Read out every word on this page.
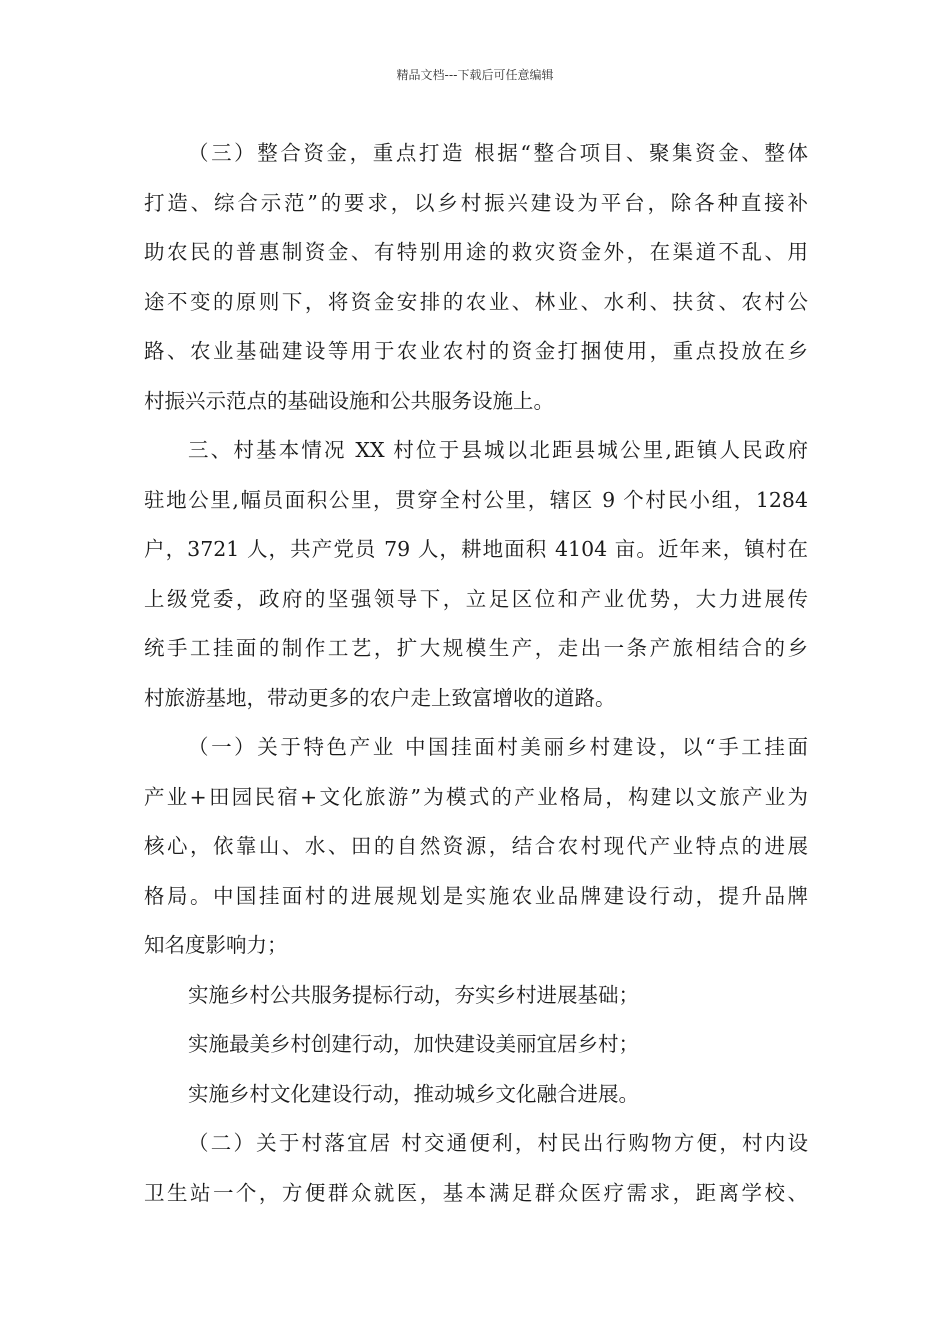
精品文档---下载后可任意编辑
（三）整合资金，重点打造 根据“整合项目、聚集资金、整体
打造、综合示范”的要求，以乡村振兴建设为平台，除各种直接补
助农民的普惠制资金、有特别用途的救灾资金外，在渠道不乱、用
途不变的原则下，将资金安排的农业、林业、水利、扶贫、农村公
路、农业基础建设等用于农业农村的资金打捆使用，重点投放在乡
村振兴示范点的基础设施和公共服务设施上。
三、村基本情况 XX 村位于县城以北距县城公里,距镇人民政府
驻地公里,幅员面积公里，贯穿全村公里，辖区 9 个村民小组，1284
户，3721 人，共产党员 79 人，耕地面积 4104 亩。近年来，镇村在
上级党委，政府的坚强领导下，立足区位和产业优势，大力进展传
统手工挂面的制作工艺，扩大规模生产，走出一条产旅相结合的乡
村旅游基地，带动更多的农户走上致富增收的道路。
（一）关于特色产业 中国挂面村美丽乡村建设，以“手工挂面
产业+田园民宿+文化旅游”为模式的产业格局，构建以文旅产业为
核心，依靠山、水、田的自然资源，结合农村现代产业特点的进展
格局。中国挂面村的进展规划是实施农业品牌建设行动，提升品牌
知名度影响力；
实施乡村公共服务提标行动，夯实乡村进展基础；
实施最美乡村创建行动，加快建设美丽宜居乡村；
实施乡村文化建设行动，推动城乡文化融合进展。
（二）关于村落宜居 村交通便利，村民出行购物方便，村内设
卫生站一个，方便群众就医，基本满足群众医疗需求，距离学校、
